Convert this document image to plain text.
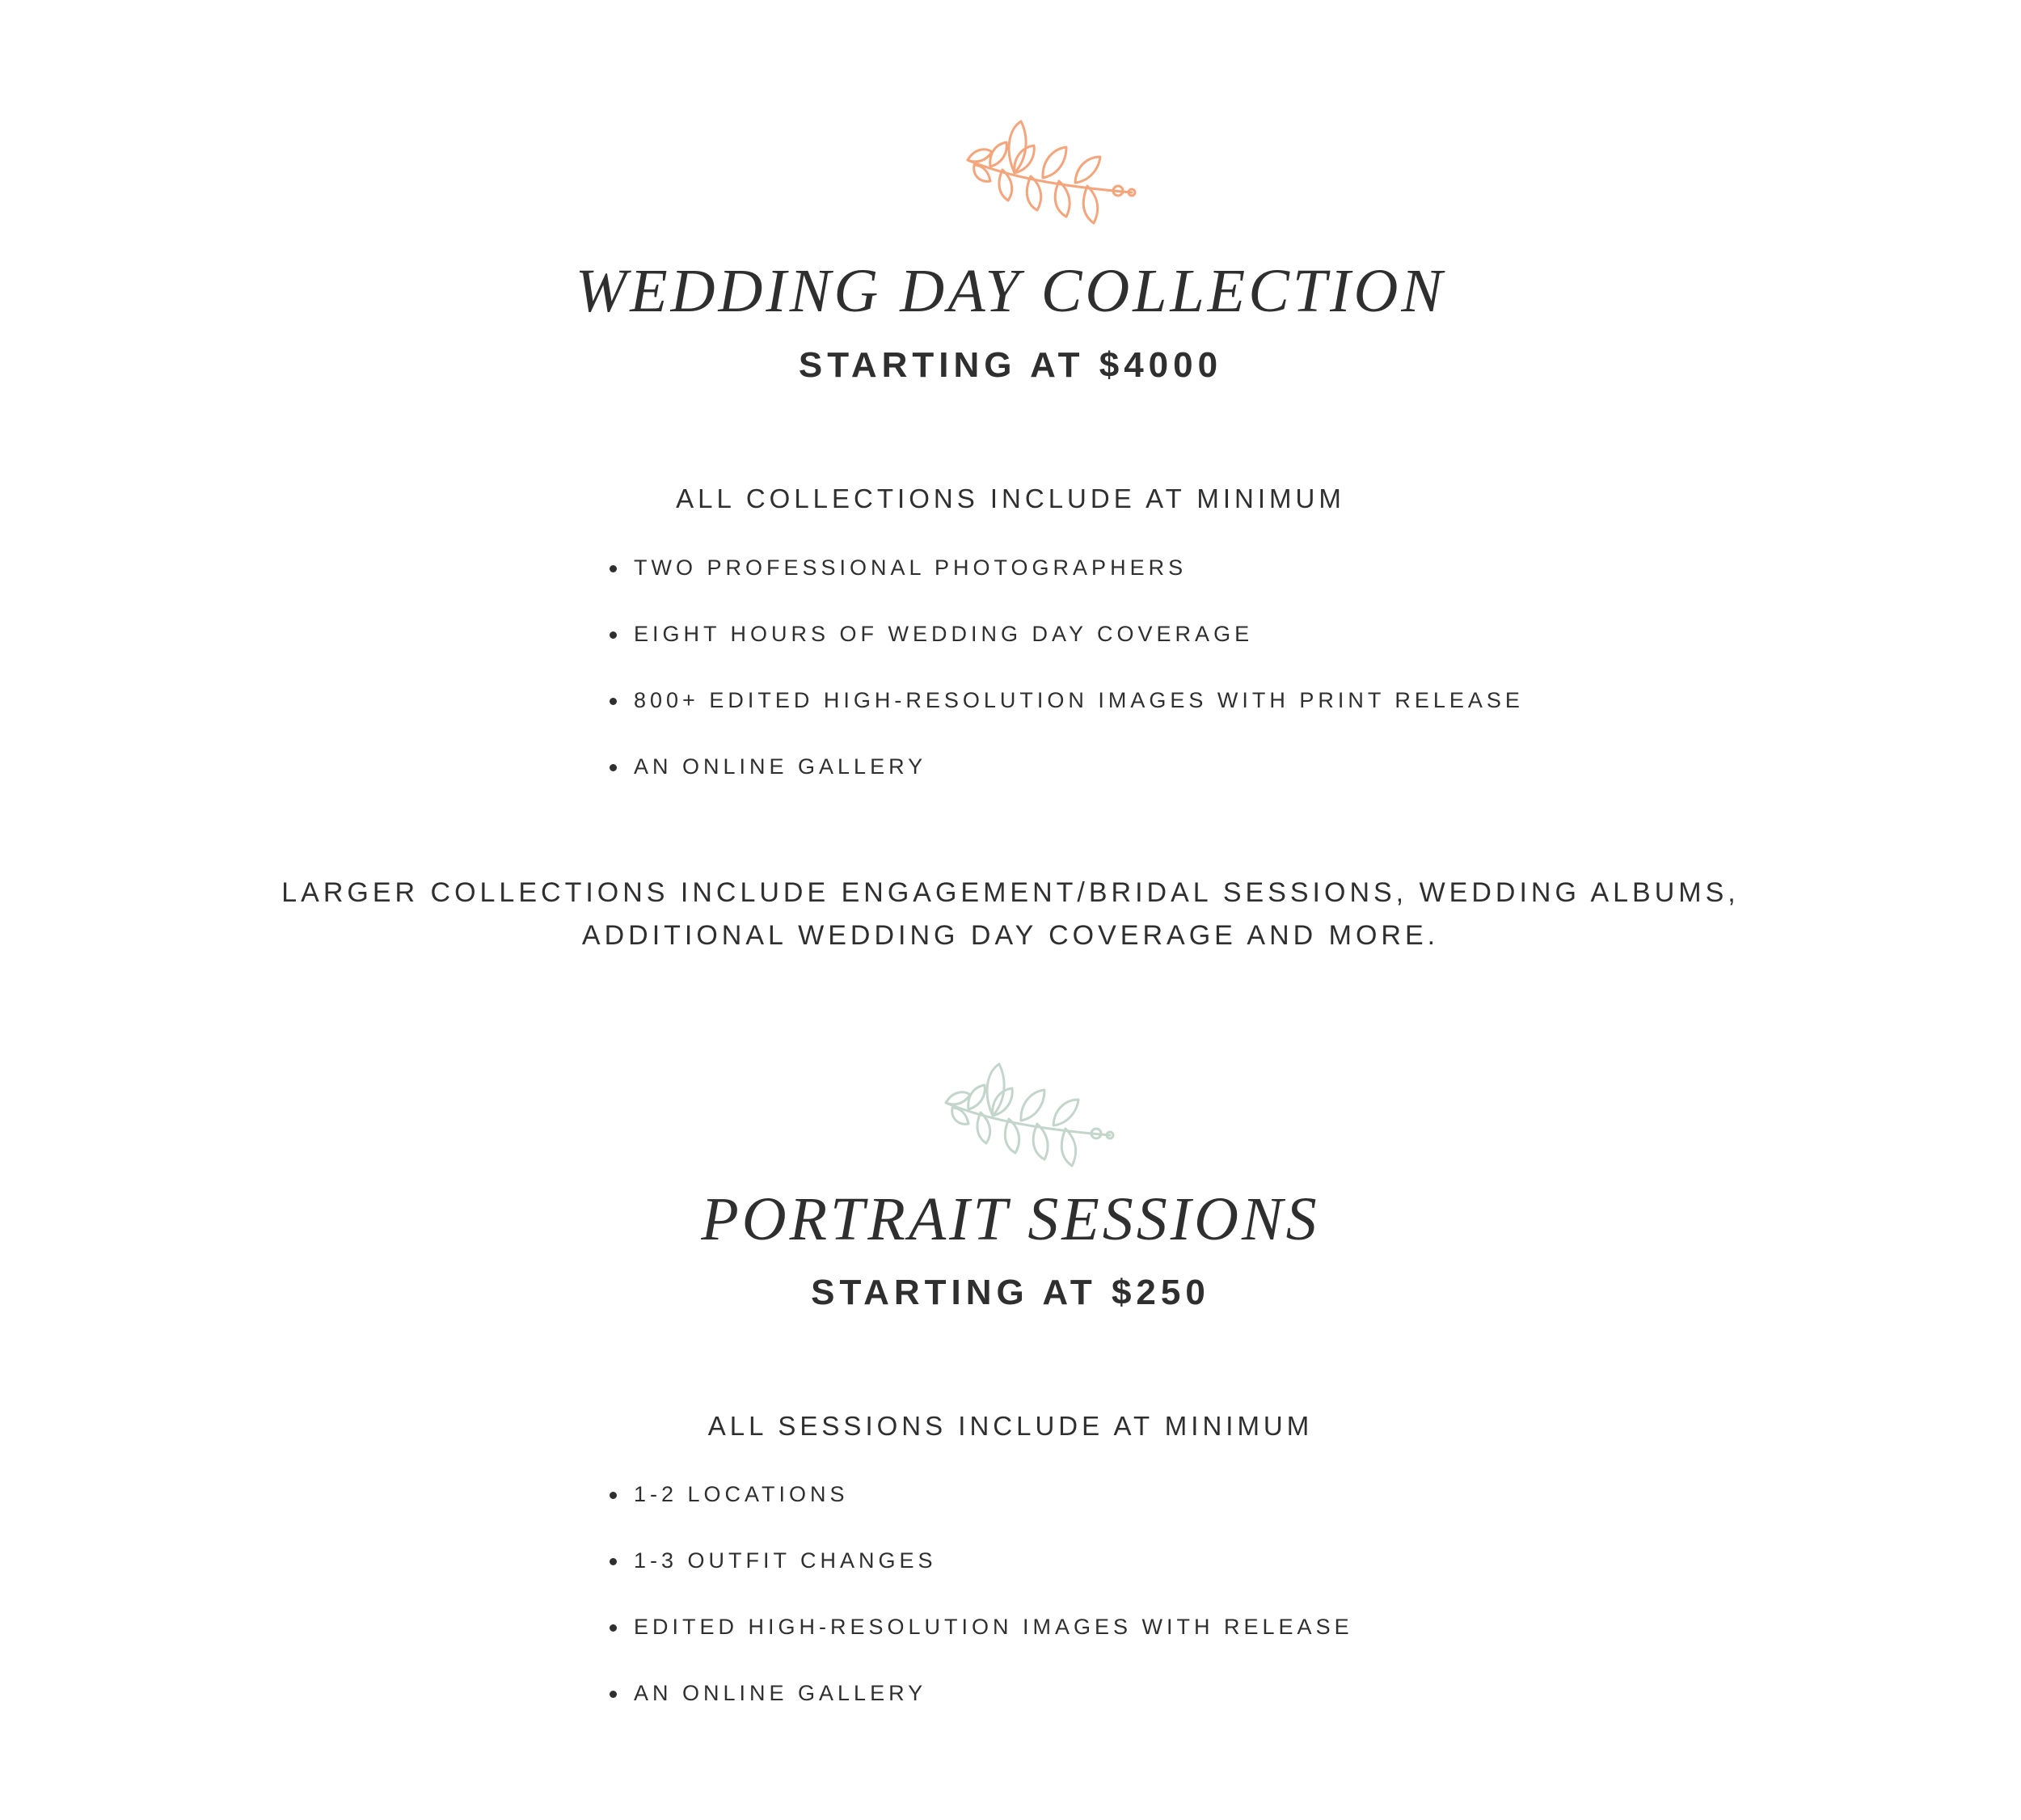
WEDDING DAY COLLECTION
STARTING AT $4000
ALL COLLECTIONS INCLUDE AT MINIMUM
TWO PROFESSIONAL PHOTOGRAPHERS
EIGHT HOURS OF WEDDING DAY COVERAGE
800+ EDITED HIGH-RESOLUTION IMAGES WITH PRINT RELEASE
AN ONLINE GALLERY
LARGER COLLECTIONS INCLUDE ENGAGEMENT/BRIDAL SESSIONS, WEDDING ALBUMS,
ADDITIONAL WEDDING DAY COVERAGE AND MORE.
PORTRAIT SESSIONS
STARTING AT $250
ALL SESSIONS INCLUDE AT MINIMUM
1-2 LOCATIONS
1-3 OUTFIT CHANGES
EDITED HIGH-RESOLUTION IMAGES WITH RELEASE
AN ONLINE GALLERY
